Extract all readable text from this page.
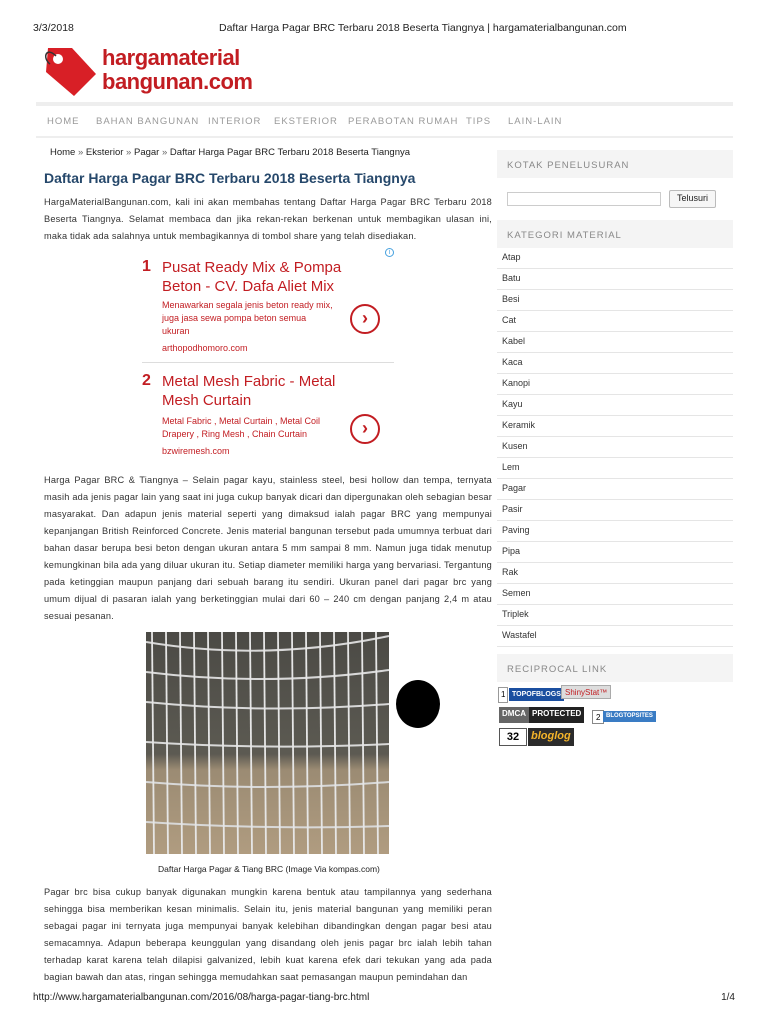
3/3/2018	Daftar Harga Pagar BRC Terbaru 2018 Beserta Tiangnya | hargamaterialbangunan.com
hargamaterial
bangunan.com
HOME BAHAN BANGUNAN INTERIOR EKSTERIOR PERABOTAN RUMAH TIPS LAIN-LAIN
Home » Eksterior » Pagar » Daftar Harga Pagar BRC Terbaru 2018 Beserta Tiangnya
Daftar Harga Pagar BRC Terbaru 2018 Beserta Tiangnya

HargaMaterialBangunan.com, kali ini akan membahas tentang Daftar Harga Pagar BRC Terbaru 2018 Beserta Tiangnya. Selamat membaca dan jika rekan-rekan berkenan untuk membagikan ulasan ini, maka tidak ada salahnya untuk membagikannya di tombol share yang telah disediakan.

i
1 Pusat Ready Mix & Pompa Beton - CV. Dafa Aliet Mix
Menawarkan segala jenis beton ready mix, juga jasa sewa pompa beton semua ukuran
arthopodhomoro.com
›
2 Metal Mesh Fabric - Metal Mesh Curtain
Metal Fabric , Metal Curtain , Metal Coil Drapery , Ring Mesh , Chain Curtain
bzwiremesh.com
›

Harga Pagar BRC & Tiangnya – Selain pagar kayu, stainless steel, besi hollow dan tempa, ternyata masih ada jenis pagar lain yang saat ini juga cukup banyak dicari dan dipergunakan oleh sebagian besar masyarakat. Dan adapun jenis material seperti yang dimaksud ialah pagar BRC yang mempunyai kepanjangan British Reinforced Concrete. Jenis material bangunan tersebut pada umumnya terbuat dari bahan dasar berupa besi beton dengan ukuran antara 5 mm sampai 8 mm. Namun juga tidak menutup kemungkinan bila ada yang diluar ukuran itu. Setiap diameter memiliki harga yang bervariasi. Tergantung pada ketinggian maupun panjang dari sebuah barang itu sendiri. Ukuran panel dari pagar brc yang umum dijual di pasaran ialah yang berketinggian mulai dari 60 – 240 cm dengan panjang 2,4 m atau sesuai pesanan.

Daftar Harga Pagar & Tiang BRC (Image Via kompas.com)

Pagar brc bisa cukup banyak digunakan mungkin karena bentuk atau tampilannya yang sederhana sehingga bisa memberikan kesan minimalis. Selain itu, jenis material bangunan yang memiliki peran sebagai pagar ini ternyata juga mempunyai banyak kelebihan dibandingkan dengan pagar besi atau semacamnya. Adapun beberapa keunggulan yang disandang oleh jenis pagar brc ialah lebih tahan terhadap karat karena telah dilapisi galvanized, lebih kuat karena efek dari tekukan yang ada pada bagian bawah dan atas, ringan sehingga memudahkan saat pemasangan maupun pemindahan dan

KOTAK PENELUSURAN
Telusuri
KATEGORI MATERIAL
Atap
Batu
Besi
Cat
Kabel
Kaca
Kanopi
Kayu
Keramik
Kusen
Lem
Pagar
Pasir
Paving
Pipa
Rak
Semen
Triplek
Wastafel
RECIPROCAL LINK
1 TOPOFBLOGS ShinyStat™
DMCA PROTECTED	2 BLOGTOPSITES
32	bloglog
http://www.hargamaterialbangunan.com/2016/08/harga-pagar-tiang-brc.html	1/4
